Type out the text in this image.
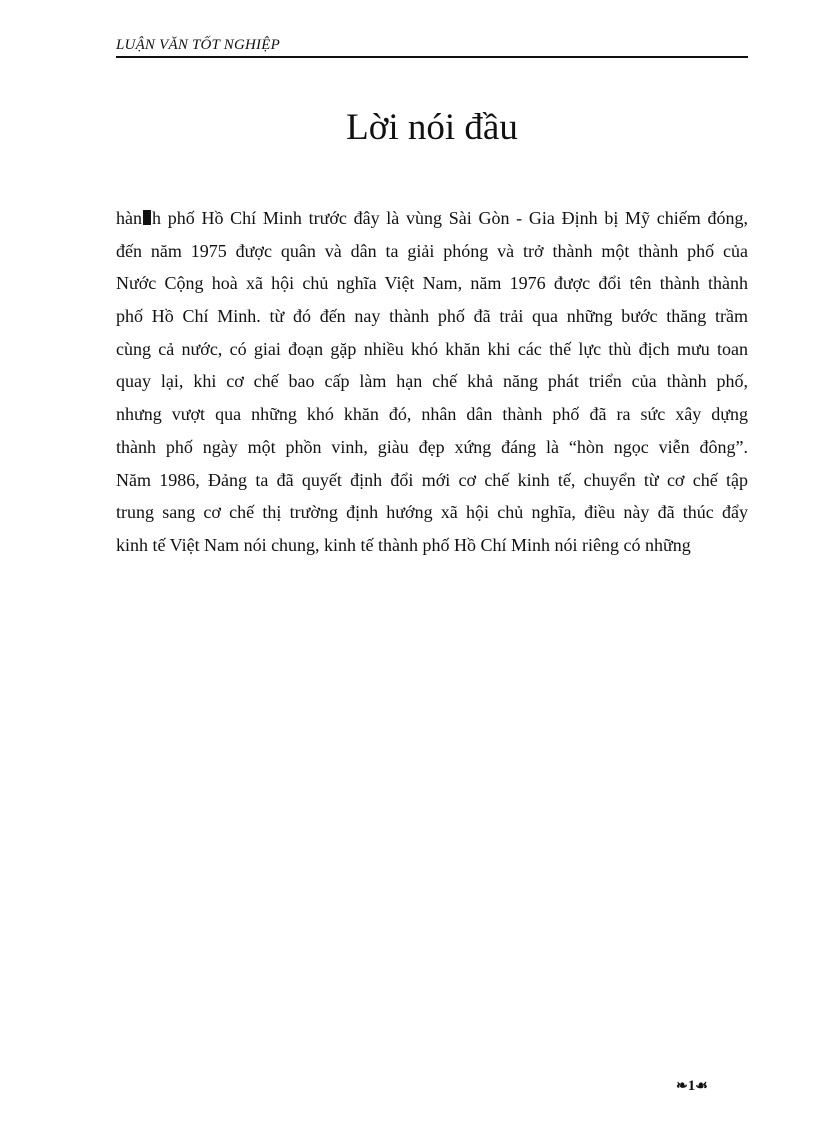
LUẬN VĂN TỐT NGHIỆP
Lời nói đầu
hàn h phố Hồ Chí Minh trước đây là vùng Sài Gòn - Gia Định bị Mỹ chiếm đóng,
đến năm 1975 được quân và dân ta giải phóng và trở thành một thành phố của
Nước Cộng hoà xã hội chủ nghĩa Việt Nam, năm 1976 được đổi tên thành thành
phố Hồ Chí Minh. từ đó đến nay thành phố đã trải qua những bước thăng trầm
cùng cả nước, có giai đoạn gặp nhiều khó khăn khi các thế lực thù địch mưu toan
quay lại, khi cơ chế bao cấp làm hạn chế khả năng phát triển của thành phố,
nhưng vượt qua những khó khăn đó, nhân dân thành phố đã ra sức xây dựng
thành phố ngày một phồn vinh, giàu đẹp xứng đáng là “hòn ngọc viễn đông”.
Năm 1986, Đảng ta đã quyết định đổi mới cơ chế kinh tế, chuyển từ cơ chế tập
trung sang cơ chế thị trường định hướng xã hội chủ nghĩa, điều này đã thúc đẩy
kinh tế Việt Nam nói chung, kinh tế thành phố Hồ Chí Minh nói riêng có những
❧1☙
